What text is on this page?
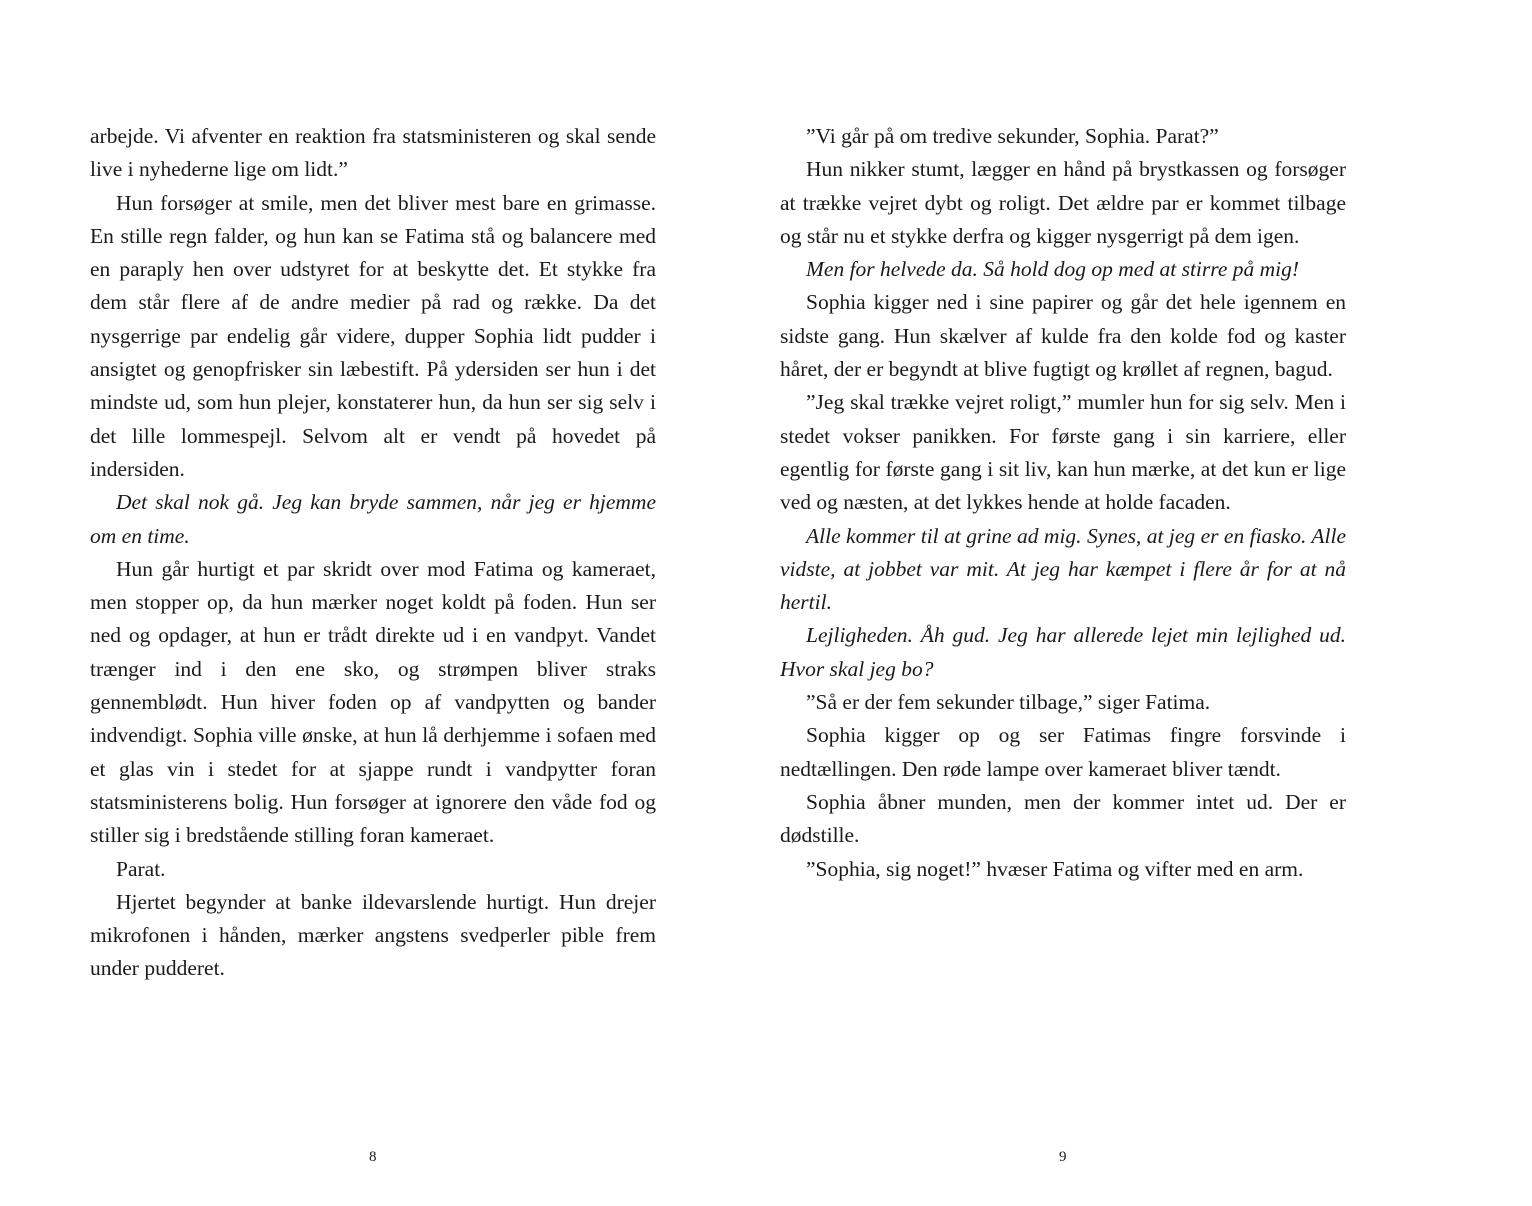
arbejde. Vi afventer en reaktion fra statsministeren og skal sende live i nyhederne lige om lidt.”

Hun forsøger at smile, men det bliver mest bare en grimasse. En stille regn falder, og hun kan se Fatima stå og balancere med en paraply hen over udstyret for at beskytte det. Et stykke fra dem står flere af de andre medier på rad og række. Da det nysgerrige par endelig går videre, dupper Sophia lidt pudder i ansigtet og genopfrisker sin læbestift. På ydersiden ser hun i det mindste ud, som hun plejer, konstaterer hun, da hun ser sig selv i det lille lommespejl. Selvom alt er vendt på hovedet på indersiden.

Det skal nok gå. Jeg kan bryde sammen, når jeg er hjemme om en time.

Hun går hurtigt et par skridt over mod Fatima og kameraet, men stopper op, da hun mærker noget koldt på foden. Hun ser ned og opdager, at hun er trådt direkte ud i en vandpyt. Vandet trænger ind i den ene sko, og strømpen bliver straks gennemblødt. Hun hiver foden op af vandpytten og bander indvendigt. Sophia ville ønske, at hun lå derhjemme i sofaen med et glas vin i stedet for at sjappe rundt i vandpytter foran statsministerens bolig. Hun forsøger at ignorere den våde fod og stiller sig i bredstående stilling foran kameraet.

Parat.

Hjertet begynder at banke ildevarslende hurtigt. Hun drejer mikrofonen i hånden, mærker angstens svedperler pible frem under pudderet.

8

”Vi går på om tredive sekunder, Sophia. Parat?”

Hun nikker stumt, lægger en hånd på brystkassen og forsøger at trække vejret dybt og roligt. Det ældre par er kommet tilbage og står nu et stykke derfra og kigger nysgerrigt på dem igen.

Men for helvede da. Så hold dog op med at stirre på mig!

Sophia kigger ned i sine papirer og går det hele igennem en sidste gang. Hun skælver af kulde fra den kolde fod og kaster håret, der er begyndt at blive fugtigt og krøllet af regnen, bagud.

”Jeg skal trække vejret roligt,” mumler hun for sig selv. Men i stedet vokser panikken. For første gang i sin karriere, eller egentlig for første gang i sit liv, kan hun mærke, at det kun er lige ved og næsten, at det lykkes hende at holde facaden.

Alle kommer til at grine ad mig. Synes, at jeg er en fiasko. Alle vidste, at jobbet var mit. At jeg har kæmpet i flere år for at nå hertil.

Lejligheden. Åh gud. Jeg har allerede lejet min lejlighed ud. Hvor skal jeg bo?

”Så er der fem sekunder tilbage,” siger Fatima.

Sophia kigger op og ser Fatimas fingre forsvinde i nedtællingen. Den røde lampe over kameraet bliver tændt.

Sophia åbner munden, men der kommer intet ud. Der er dødstille.

”Sophia, sig noget!” hvæser Fatima og vifter med en arm.

9
